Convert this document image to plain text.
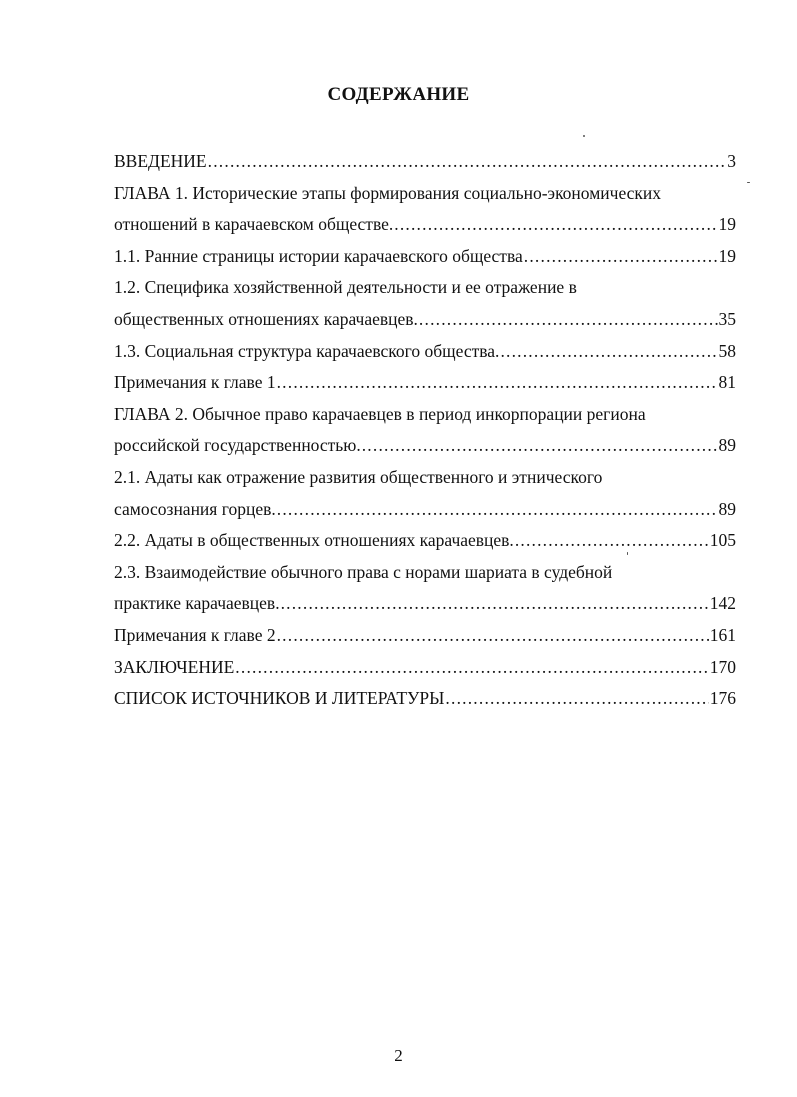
СОДЕРЖАНИЕ
ВВЕДЕНИЕ .....	3
ГЛАВА 1. Исторические этапы формирования социально-экономических
отношений в карачаевском обществе. .....	19
1.1. Ранние страницы истории карачаевского общества .....	19
1.2. Специфика хозяйственной деятельности и ее отражение в
общественных отношениях карачаевцев. .....	35
1.3. Социальная структура карачаевского общества. .....	58
Примечания к главе 1 .....	81
ГЛАВА 2. Обычное право карачаевцев в период инкорпорации региона
российской государственностью. .....	89
2.1. Адаты как отражение развития общественного и этнического
самосознания горцев. .....	89
2.2. Адаты в общественных отношениях карачаевцев. .....	105
2.3. Взаимодействие обычного права с норами шариата в судебной
практике карачаевцев. .....	142
Примечания к главе 2 .....	161
ЗАКЛЮЧЕНИЕ .....	170
СПИСОК ИСТОЧНИКОВ И ЛИТЕРАТУРЫ .....	176
2
